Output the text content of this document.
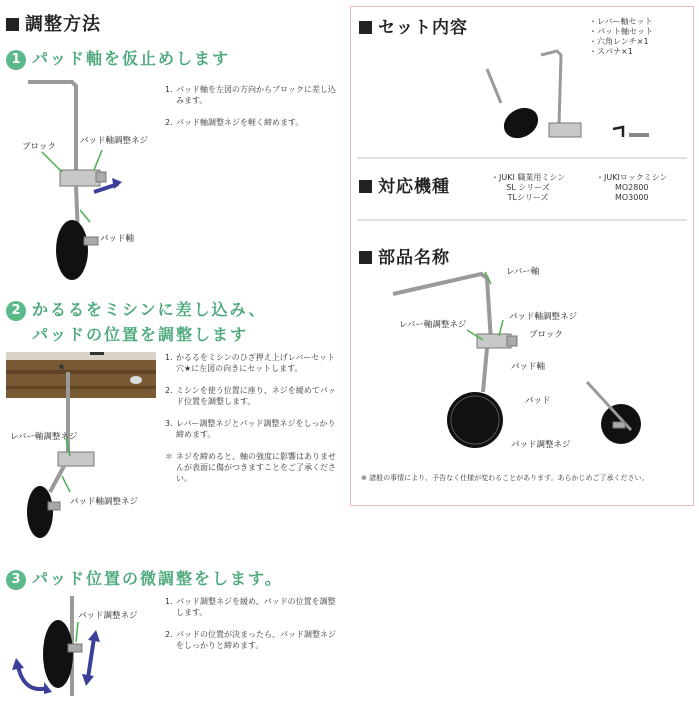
調整方法
1 パッド軸を仮止めします
ブロック
パッド軸調整ネジ
パッド軸
1. パッド軸を左図の方向からブロックに差し込みます。
2. パッド軸調整ネジを軽く締めます。
2 かるるをミシンに差し込み、
パッドの位置を調整します
★
レバー軸調整ネジ
パッド軸調整ネジ
1. かるるをミシンのひざ押え上げレバーセット穴★に左図の向きにセットします。
2. ミシンを使う位置に座り、ネジを緩めてパッド位置を調整します。
3. レバー調整ネジとパッド調整ネジをしっかり締めます。
＊ ネジを締めると、軸の強度に影響はありませんが表面に傷がつきますことをご了承ください。
3 パッド位置の微調整をします。
パッド調整ネジ
1. パッド調整ネジを緩め、パッドの位置を調整します。
2. パッドの位置が決まったら、パッド調整ネジをしっかりと締めます。
セット内容	・レバー軸セット
・パット軸セット
・六角レンチ×1
・スパナ×1
対応機種	・JUKI 職業用ミシン
SL シリーズ
TLシリーズ
・JUKIロックミシン
MO2800
MO3000
部品名称
レバー軸
パッド軸調整ネジ
レバー軸調整ネジ
ブロック
パッド軸
パッド
パッド調整ネジ
※ 諸般の事情により、予告なく仕様が変わることがあります。あらかじめご了承ください。
